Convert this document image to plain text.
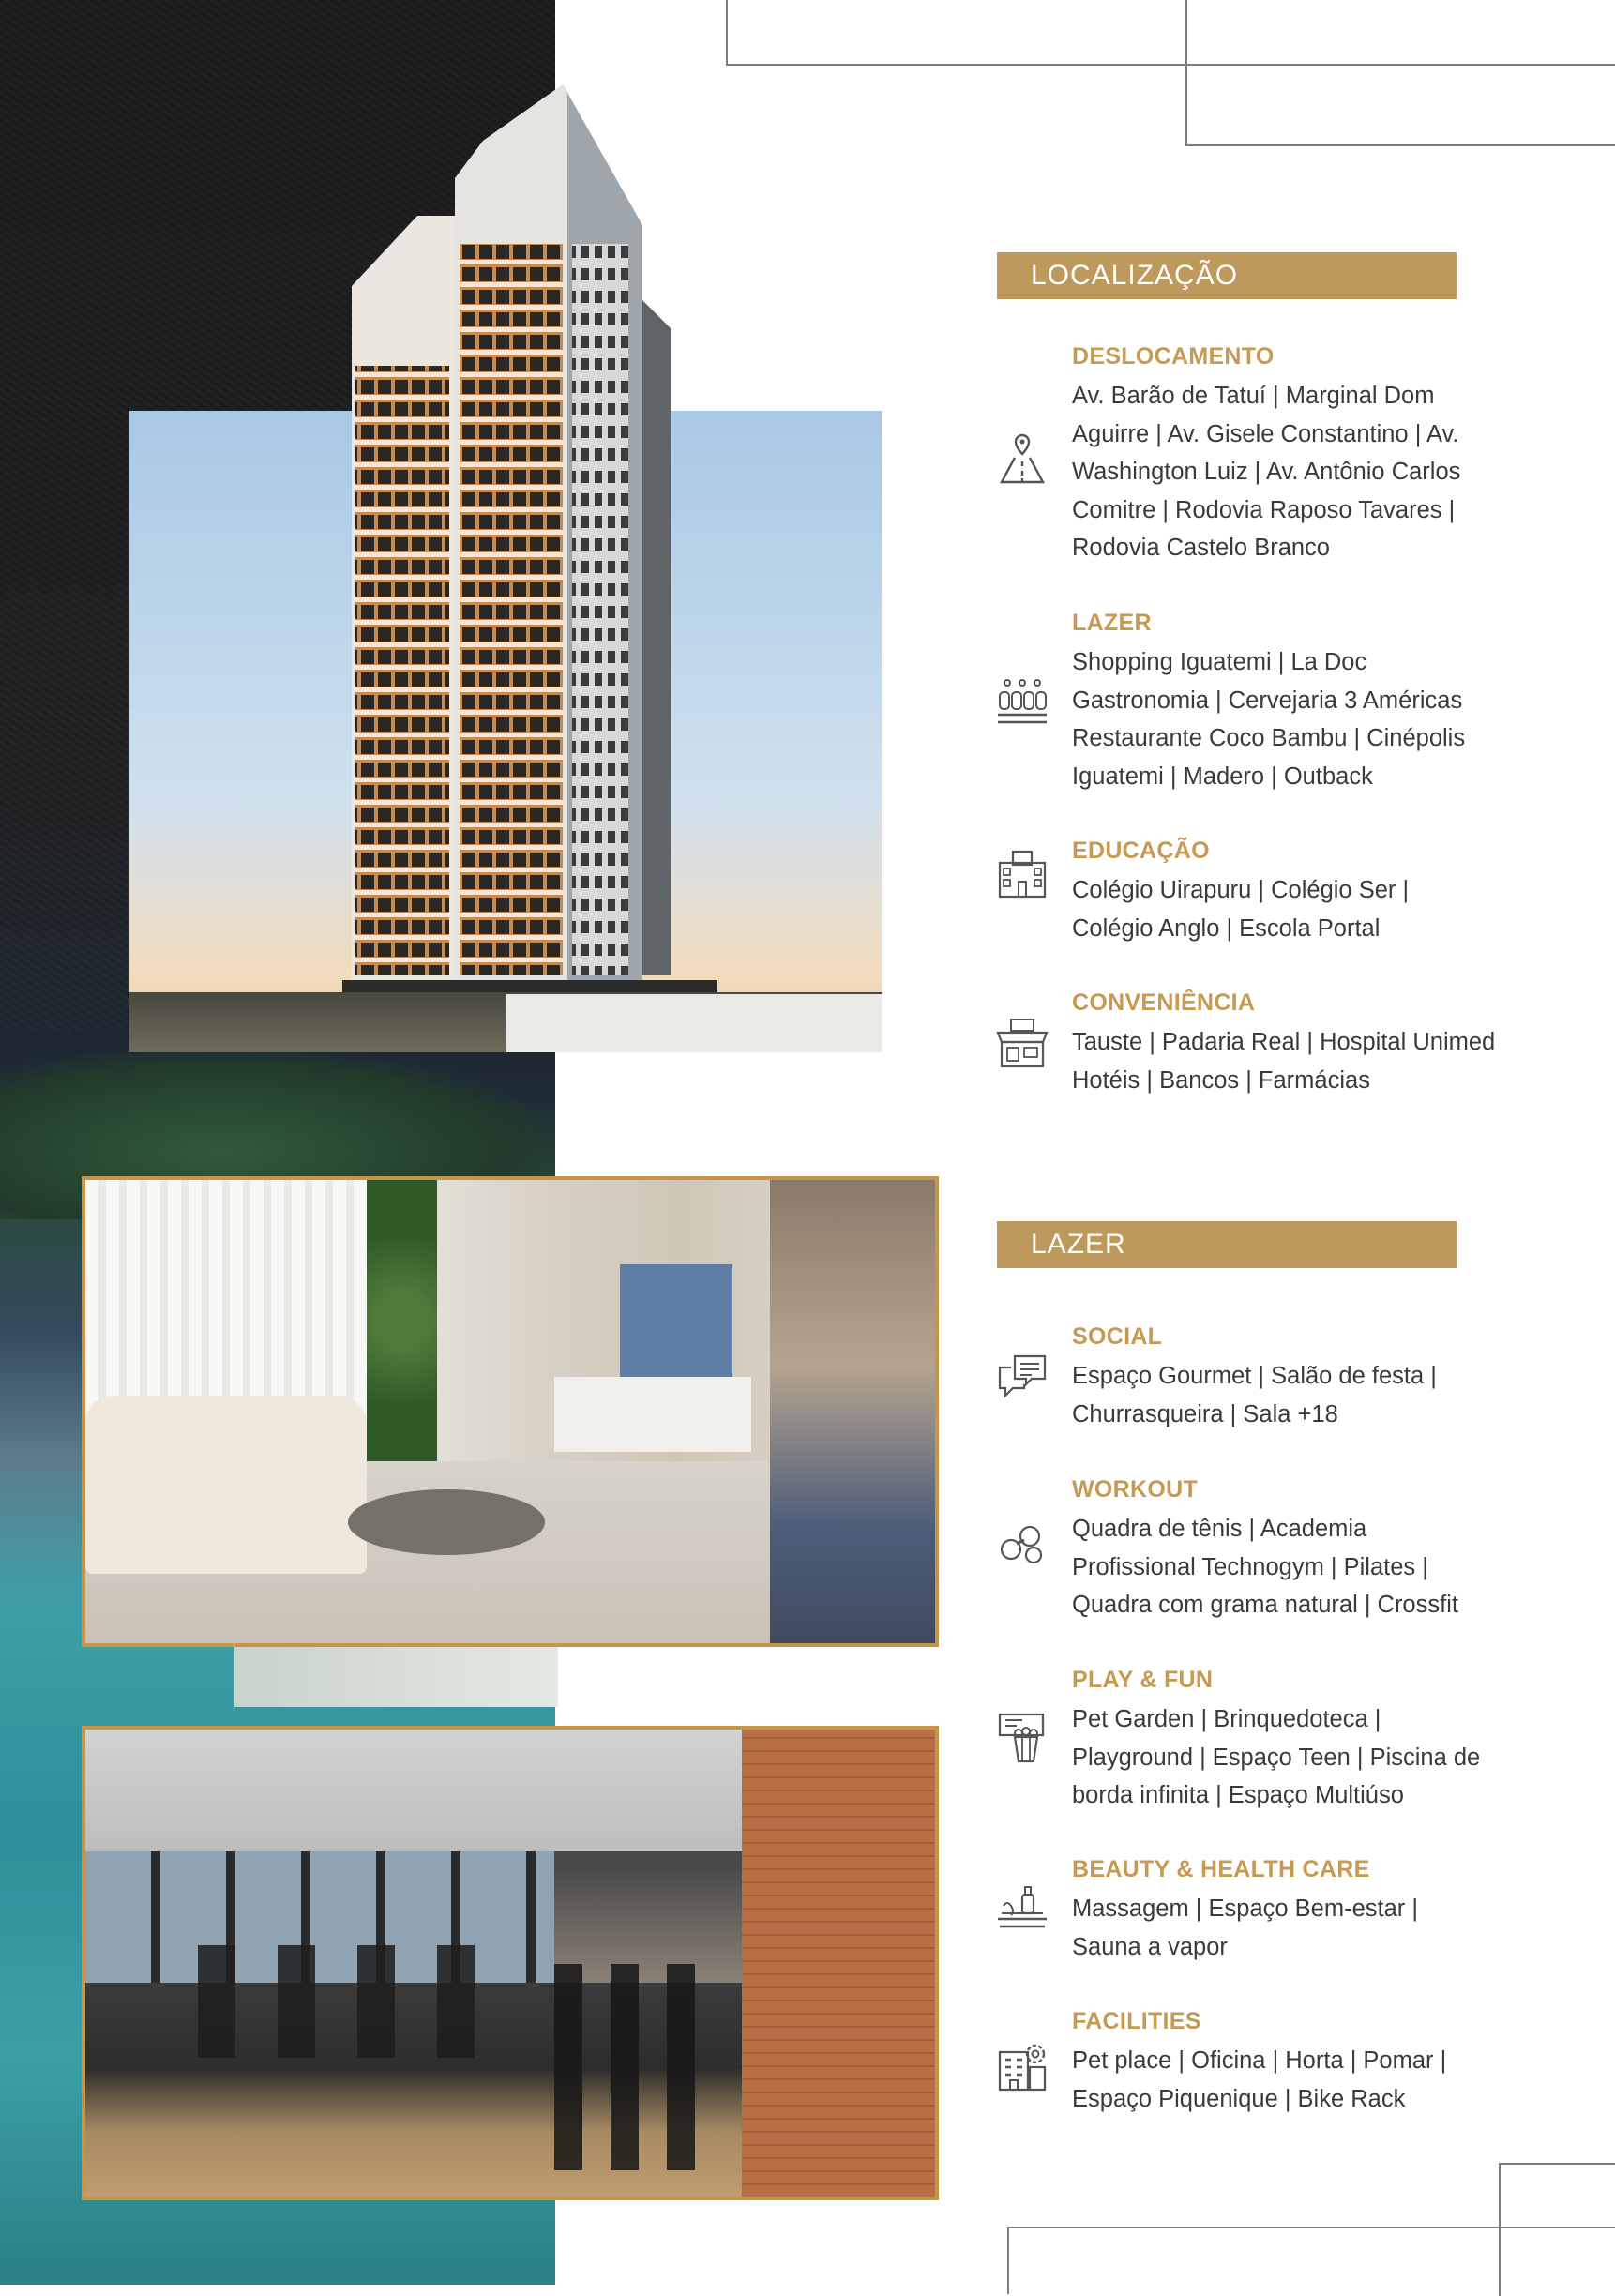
LOCALIZAÇÃO
DESLOCAMENTO
Av. Barão de Tatuí | Marginal Dom
Aguirre | Av. Gisele Constantino | Av.
Washington Luiz | Av. Antônio Carlos
Comitre | Rodovia Raposo Tavares |
Rodovia Castelo Branco
LAZER
Shopping Iguatemi | La Doc
Gastronomia | Cervejaria 3 Américas
Restaurante Coco Bambu | Cinépolis
Iguatemi | Madero | Outback
EDUCAÇÃO
Colégio Uirapuru | Colégio Ser |
Colégio Anglo | Escola Portal
CONVENIÊNCIA
Tauste | Padaria Real | Hospital Unimed
Hotéis | Bancos | Farmácias
LAZER
SOCIAL
Espaço Gourmet | Salão de festa |
Churrasqueira | Sala +18
WORKOUT
Quadra de tênis | Academia
Profissional Technogym | Pilates |
Quadra com grama natural | Crossfit
PLAY & FUN
Pet Garden | Brinquedoteca |
Playground | Espaço Teen | Piscina de
borda infinita | Espaço Multiúso
BEAUTY & HEALTH CARE
Massagem | Espaço Bem-estar |
Sauna a vapor
FACILITIES
Pet place | Oficina | Horta | Pomar |
Espaço Piquenique | Bike Rack
